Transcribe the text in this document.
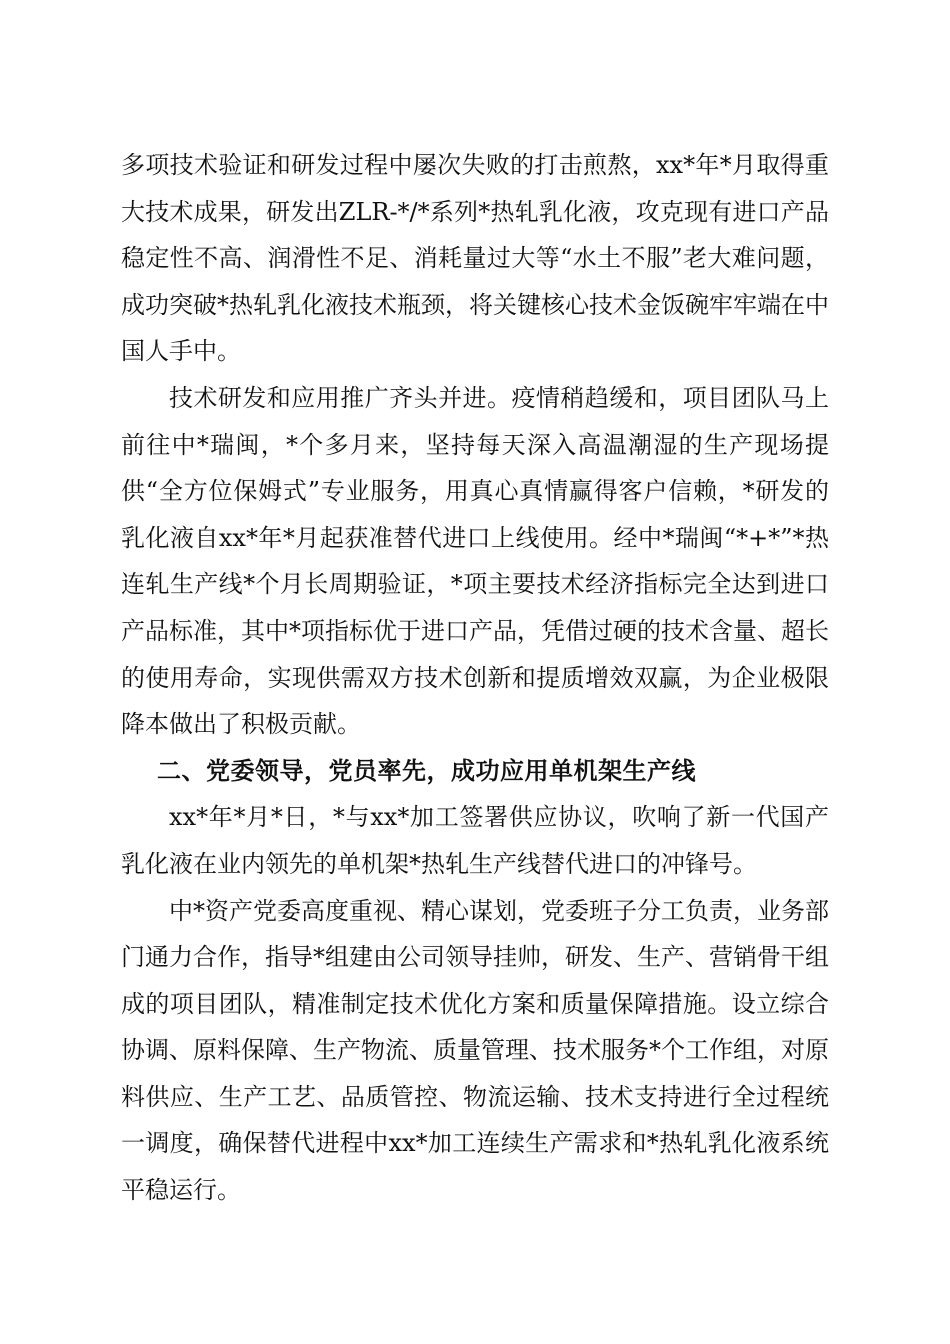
多项技术验证和研发过程中屡次失败的打击煎熬，xx*年*月取得重大技术成果，研发出ZLR-*/*系列*热轧乳化液，攻克现有进口产品稳定性不高、润滑性不足、消耗量过大等“水土不服”老大难问题，成功突破*热轧乳化液技术瓶颈，将关键核心技术金饭碗牢牢端在中国人手中。

技术研发和应用推广齐头并进。疫情稍趋缓和，项目团队马上前往中*瑞闽，*个多月来，坚持每天深入高温潮湿的生产现场提供“全方位保姆式”专业服务，用真心真情赢得客户信赖，*研发的乳化液自xx*年*月起获准替代进口上线使用。经中*瑞闽“*+*”*热连轧生产线*个月长周期验证，*项主要技术经济指标完全达到进口产品标准，其中*项指标优于进口产品，凭借过硬的技术含量、超长的使用寿命，实现供需双方技术创新和提质增效双赢，为企业极限降本做出了积极贡献。

二、党委领导，党员率先，成功应用单机架生产线

xx*年*月*日，*与xx*加工签署供应协议，吹响了新一代国产乳化液在业内领先的单机架*热轧生产线替代进口的冲锋号。

中*资产党委高度重视、精心谋划，党委班子分工负责，业务部门通力合作，指导*组建由公司领导挂帅，研发、生产、营销骨干组成的项目团队，精准制定技术优化方案和质量保障措施。设立综合协调、原料保障、生产物流、质量管理、技术服务*个工作组，对原料供应、生产工艺、品质管控、物流运输、技术支持进行全过程统一调度，确保替代进程中xx*加工连续生产需求和*热轧乳化液系统平稳运行。
